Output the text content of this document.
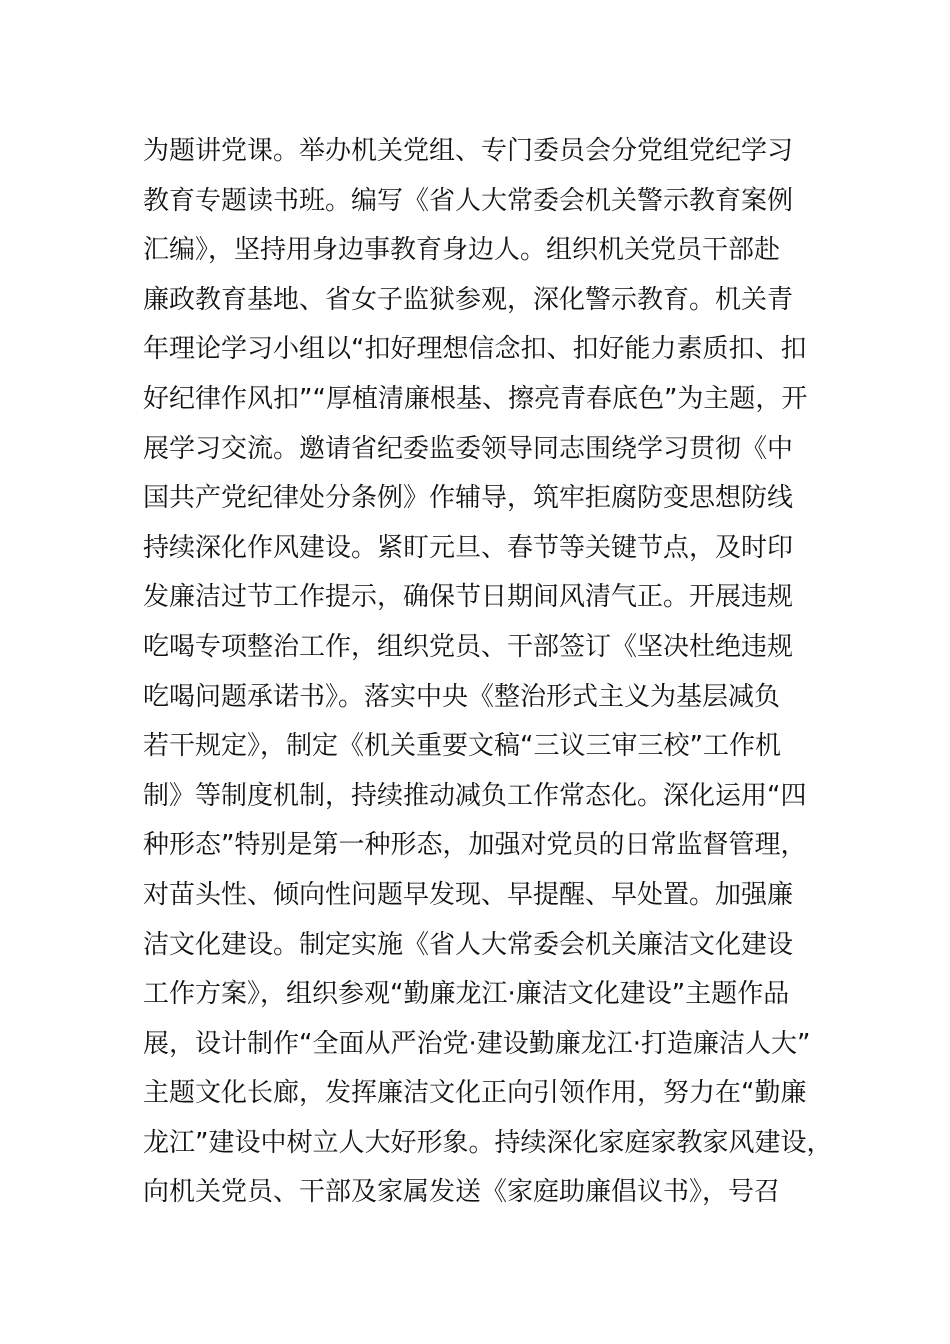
为题讲党课。举办机关党组、专门委员会分党组党纪学习
教育专题读书班。编写《省人大常委会机关警示教育案例
汇编》，坚持用身边事教育身边人。组织机关党员干部赴
廉政教育基地、省女子监狱参观，深化警示教育。机关青
年理论学习小组以“扣好理想信念扣、扣好能力素质扣、扣
好纪律作风扣”“厚植清廉根基、擦亮青春底色”为主题，开
展学习交流。邀请省纪委监委领导同志围绕学习贯彻《中
国共产党纪律处分条例》作辅导，筑牢拒腐防变思想防线
持续深化作风建设。紧盯元旦、春节等关键节点，及时印
发廉洁过节工作提示，确保节日期间风清气正。开展违规
吃喝专项整治工作，组织党员、干部签订《坚决杜绝违规
吃喝问题承诺书》。落实中央《整治形式主义为基层减负
若干规定》，制定《机关重要文稿“三议三审三校”工作机
制》等制度机制，持续推动减负工作常态化。深化运用“四
种形态”特别是第一种形态，加强对党员的日常监督管理，
对苗头性、倾向性问题早发现、早提醒、早处置。加强廉
洁文化建设。制定实施《省人大常委会机关廉洁文化建设
工作方案》，组织参观“勤廉龙江·廉洁文化建设”主题作品
展，设计制作“全面从严治党·建设勤廉龙江·打造廉洁人大”
主题文化长廊，发挥廉洁文化正向引领作用，努力在“勤廉
龙江”建设中树立人大好形象。持续深化家庭家教家风建设，
向机关党员、干部及家属发送《家庭助廉倡议书》，号召
